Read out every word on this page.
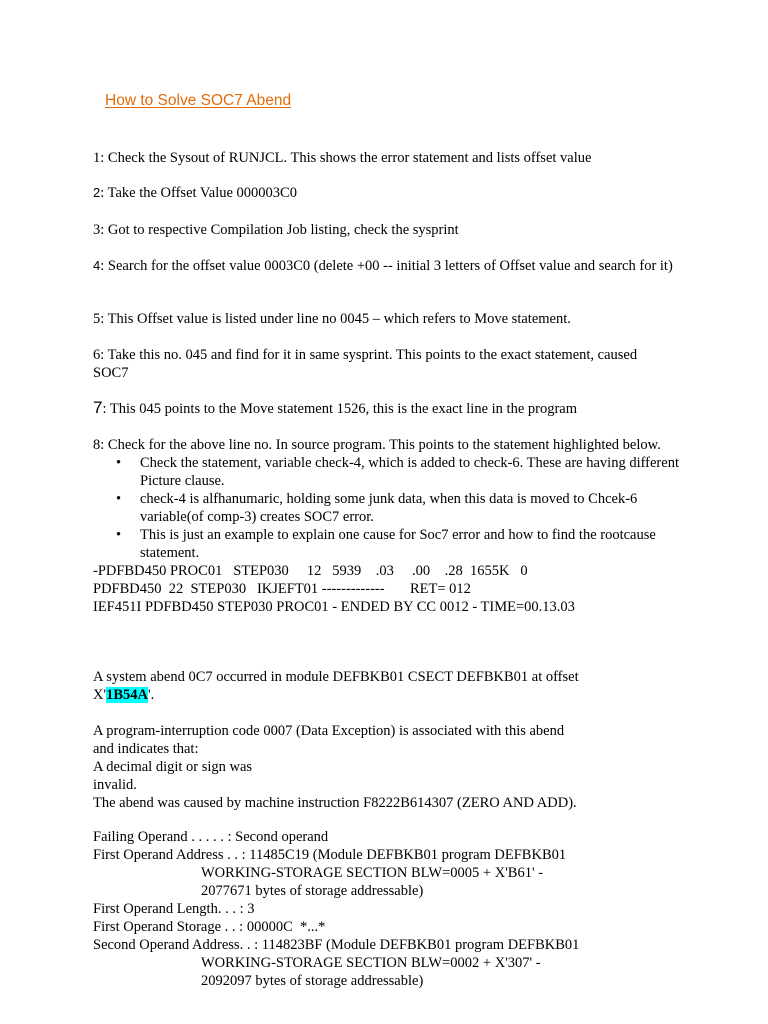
How to Solve SOC7 Abend

1: Check the Sysout of RUNJCL. This shows the error statement and lists offset value

2: Take the Offset Value 000003C0

3: Got to respective Compilation Job listing, check the sysprint

4: Search for the offset value 0003C0 (delete +00 -- initial 3 letters of Offset value and search for it)

5: This Offset value is listed under line no 0045 – which refers to Move statement.

6: Take this no. 045 and find for it in same sysprint. This points to the exact statement, caused SOC7

7: This 045 points to the Move statement 1526, this is the exact line in the program

8: Check for the above line no. In source program. This points to the statement highlighted below.

• Check the statement, variable check-4, which is added to check-6. These are having different Picture clause.
• check-4 is alfhanumaric, holding some junk data, when this data is moved to Chcek-6 variable(of comp-3) creates SOC7 error.
• This is just an example to explain one cause for Soc7 error and how to find the rootcause statement.
-PDFBD450 PROC01   STEP030     12   5939    .03     .00    .28  1655K   0
PDFBD450  22  STEP030   IKJEFT01 -------------       RET= 012
IEF451I PDFBD450 STEP030 PROC01 - ENDED BY CC 0012 - TIME=00.13.03
A system abend 0C7 occurred in module DEFBKB01 CSECT DEFBKB01 at offset
X'1B54A'.
A program-interruption code 0007 (Data Exception) is associated with this abend
and indicates that:
A decimal digit or sign was
invalid.
The abend was caused by machine instruction F8222B614307 (ZERO AND ADD).
Failing Operand . . . . . : Second operand
First Operand Address . . : 11485C19 (Module DEFBKB01 program DEFBKB01
WORKING-STORAGE SECTION BLW=0005 + X'B61' -
2077671 bytes of storage addressable)
First Operand Length. . . : 3
First Operand Storage . . : 00000C  *...*
Second Operand Address. . : 114823BF (Module DEFBKB01 program DEFBKB01
WORKING-STORAGE SECTION BLW=0002 + X'307' -
2092097 bytes of storage addressable)
